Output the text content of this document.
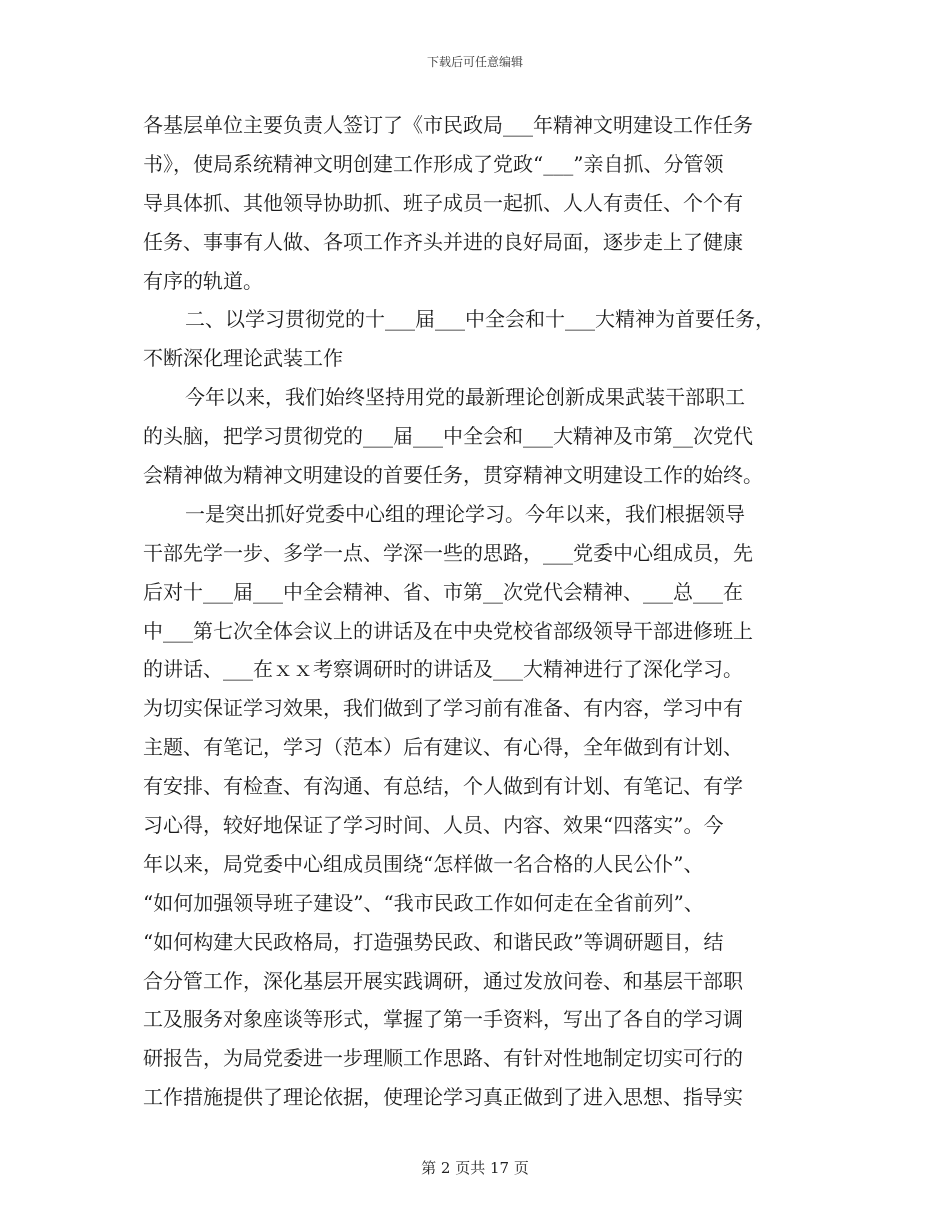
下载后可任意编辑
各基层单位主要负责人签订了《市民政局___年精神文明建设工作任务
书》，使局系统精神文明创建工作形成了党政“___”亲自抓、分管领
导具体抓、其他领导协助抓、班子成员一起抓、人人有责任、个个有
任务、事事有人做、各项工作齐头并进的良好局面，逐步走上了健康
有序的轨道。
二、以学习贯彻党的十___届___中全会和十___大精神为首要任务，
不断深化理论武装工作
今年以来，我们始终坚持用党的最新理论创新成果武装干部职工
的头脑，把学习贯彻党的___届___中全会和___大精神及市第__次党代
会精神做为精神文明建设的首要任务，贯穿精神文明建设工作的始终。
一是突出抓好党委中心组的理论学习。今年以来，我们根据领导
干部先学一步、多学一点、学深一些的思路，___党委中心组成员，先
后对十___届___中全会精神、省、市第__次党代会精神、___总___在
中___第七次全体会议上的讲话及在中央党校省部级领导干部进修班上
的讲话、___在ｘｘ考察调研时的讲话及___大精神进行了深化学习。
为切实保证学习效果，我们做到了学习前有准备、有内容，学习中有
主题、有笔记，学习（范本）后有建议、有心得，全年做到有计划、
有安排、有检查、有沟通、有总结，个人做到有计划、有笔记、有学
习心得，较好地保证了学习时间、人员、内容、效果“四落实”。今
年以来，局党委中心组成员围绕“怎样做一名合格的人民公仆”、
“如何加强领导班子建设”、“我市民政工作如何走在全省前列”、
“如何构建大民政格局，打造强势民政、和谐民政”等调研题目，结
合分管工作，深化基层开展实践调研，通过发放问卷、和基层干部职
工及服务对象座谈等形式，掌握了第一手资料，写出了各自的学习调
研报告，为局党委进一步理顺工作思路、有针对性地制定切实可行的
工作措施提供了理论依据，使理论学习真正做到了进入思想、指导实
第 2 页共 17 页
